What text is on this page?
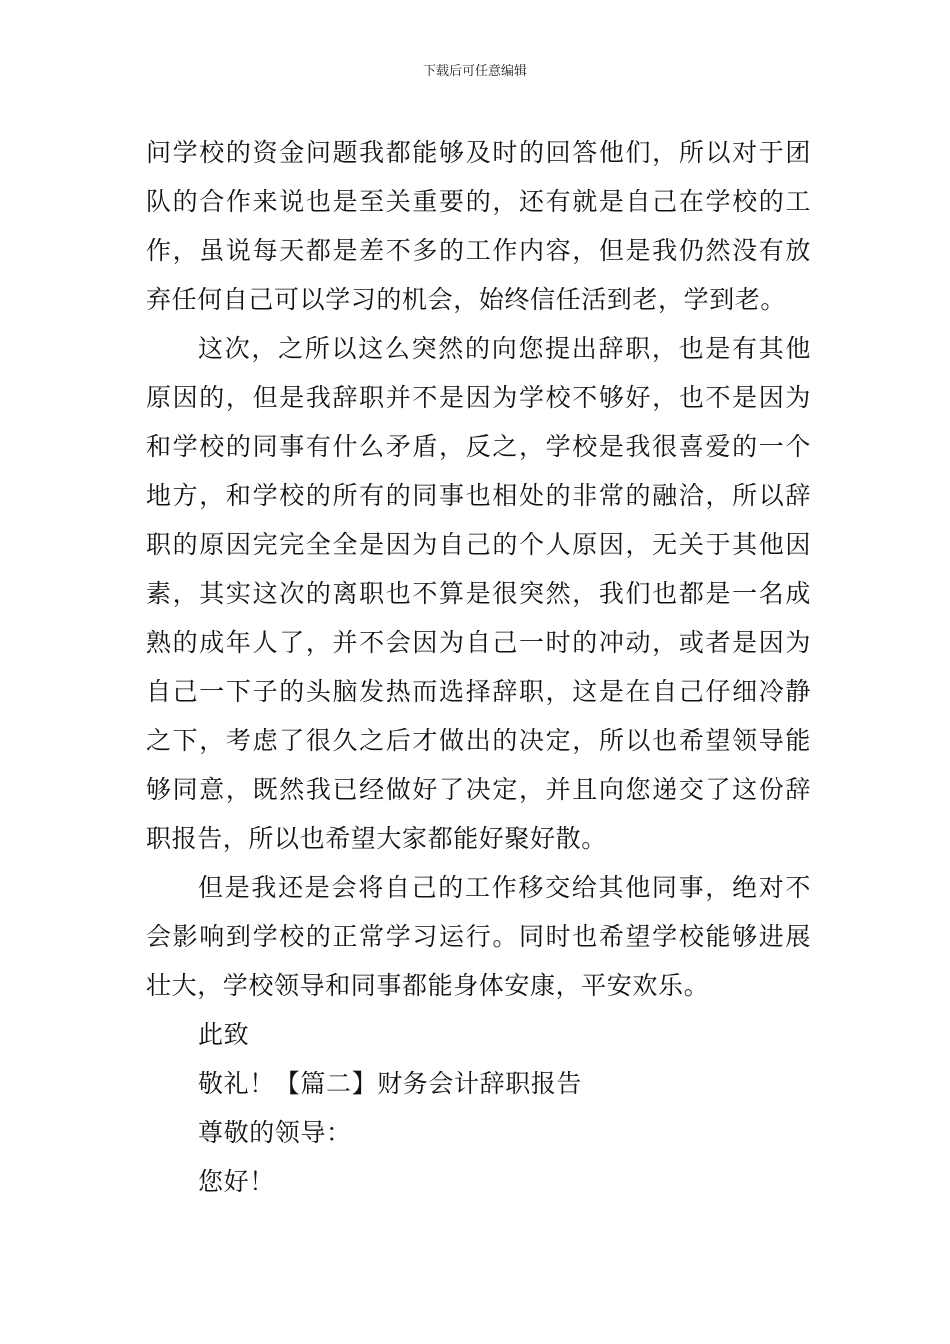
下载后可任意编辑

问学校的资金问题我都能够及时的回答他们，所以对于团队的合作来说也是至关重要的，还有就是自己在学校的工作，虽说每天都是差不多的工作内容，但是我仍然没有放弃任何自己可以学习的机会，始终信任活到老，学到老。

这次，之所以这么突然的向您提出辞职，也是有其他原因的，但是我辞职并不是因为学校不够好，也不是因为和学校的同事有什么矛盾，反之，学校是我很喜爱的一个地方，和学校的所有的同事也相处的非常的融洽，所以辞职的原因完完全全是因为自己的个人原因，无关于其他因素，其实这次的离职也不算是很突然，我们也都是一名成熟的成年人了，并不会因为自己一时的冲动，或者是因为自己一下子的头脑发热而选择辞职，这是在自己仔细冷静之下，考虑了很久之后才做出的决定，所以也希望领导能够同意，既然我已经做好了决定，并且向您递交了这份辞职报告，所以也希望大家都能好聚好散。

但是我还是会将自己的工作移交给其他同事，绝对不会影响到学校的正常学习运行。同时也希望学校能够进展壮大，学校领导和同事都能身体安康，平安欢乐。

此致

敬礼！【篇二】财务会计辞职报告

尊敬的领导：

您好！
